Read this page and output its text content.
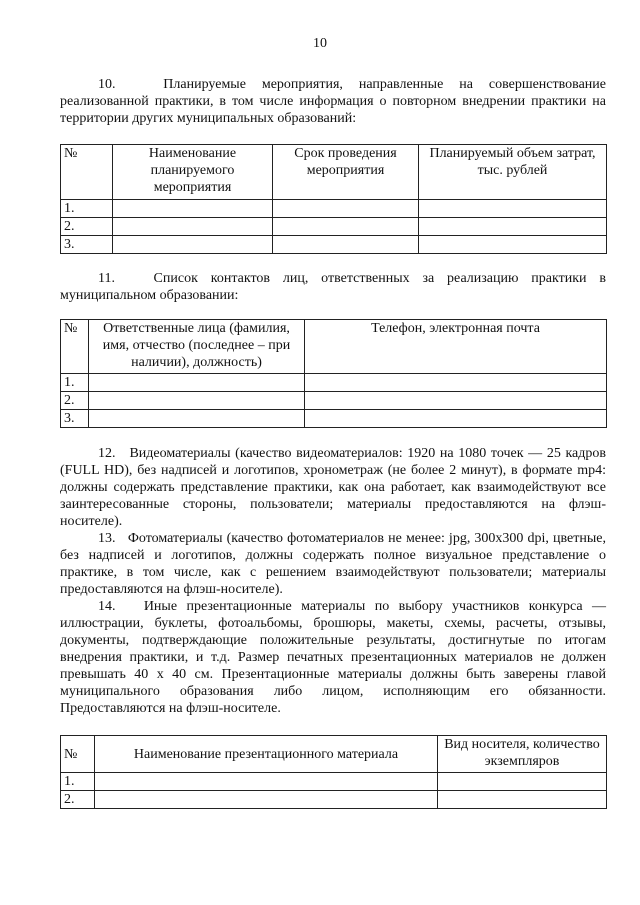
10

10.   Планируемые мероприятия, направленные на совершенствование реализованной практики, в том числе информация о повторном внедрении практики на территории других муниципальных образований:

№	Наименование планируемого мероприятия	Срок проведения мероприятия	Планируемый объем затрат, тыс. рублей
1.			
2.			
3.			

11.   Список контактов лиц, ответственных за реализацию практики в муниципальном образовании:

№	Ответственные лица (фамилия, имя, отчество (последнее – при наличии), должность)	Телефон, электронная почта
1.		
2.		
3.		

12.   Видеоматериалы (качество видеоматериалов: 1920 на 1080 точек — 25 кадров (FULL HD), без надписей и логотипов, хронометраж (не более 2 минут), в формате mp4: должны содержать представление практики, как она работает, как взаимодействуют все заинтересованные стороны, пользователи; материалы предоставляются на флэш-носителе).

13.   Фотоматериалы (качество фотоматериалов не менее: jpg, 300x300 dpi, цветные, без надписей и логотипов, должны содержать полное визуальное представление о практике, в том числе, как с решением взаимодействуют пользователи; материалы предоставляются на флэш-носителе).

14.   Иные презентационные материалы по выбору участников конкурса — иллюстрации, буклеты, фотоальбомы, брошюры, макеты, схемы, расчеты, отзывы, документы, подтверждающие положительные результаты, достигнутые по итогам внедрения практики, и т.д. Размер печатных презентационных материалов не должен превышать 40 х 40 см. Презентационные материалы должны быть заверены главой муниципального образования либо лицом, исполняющим его обязанности. Предоставляются на флэш-носителе.

№	Наименование презентационного материала	Вид носителя, количество экземпляров
1.		
2.		
